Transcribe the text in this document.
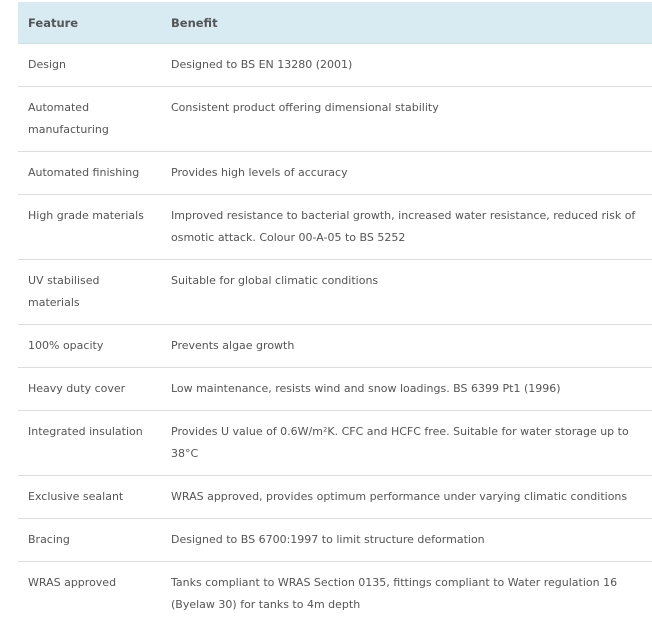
Feature	Benefit
Design	Designed to BS EN 13280 (2001)
Automated manufacturing	Consistent product offering dimensional stability
Automated finishing	Provides high levels of accuracy
High grade materials	Improved resistance to bacterial growth, increased water resistance, reduced risk of osmotic attack. Colour 00-A-05 to BS 5252
UV stabilised materials	Suitable for global climatic conditions
100% opacity	Prevents algae growth
Heavy duty cover	Low maintenance, resists wind and snow loadings. BS 6399 Pt1 (1996)
Integrated insulation	Provides U value of 0.6W/m²K. CFC and HCFC free. Suitable for water storage up to 38°C
Exclusive sealant	WRAS approved, provides optimum performance under varying climatic conditions
Bracing	Designed to BS 6700:1997 to limit structure deformation
WRAS approved	Tanks compliant to WRAS Section 0135, fittings compliant to Water regulation 16 (Byelaw 30) for tanks to 4m depth
